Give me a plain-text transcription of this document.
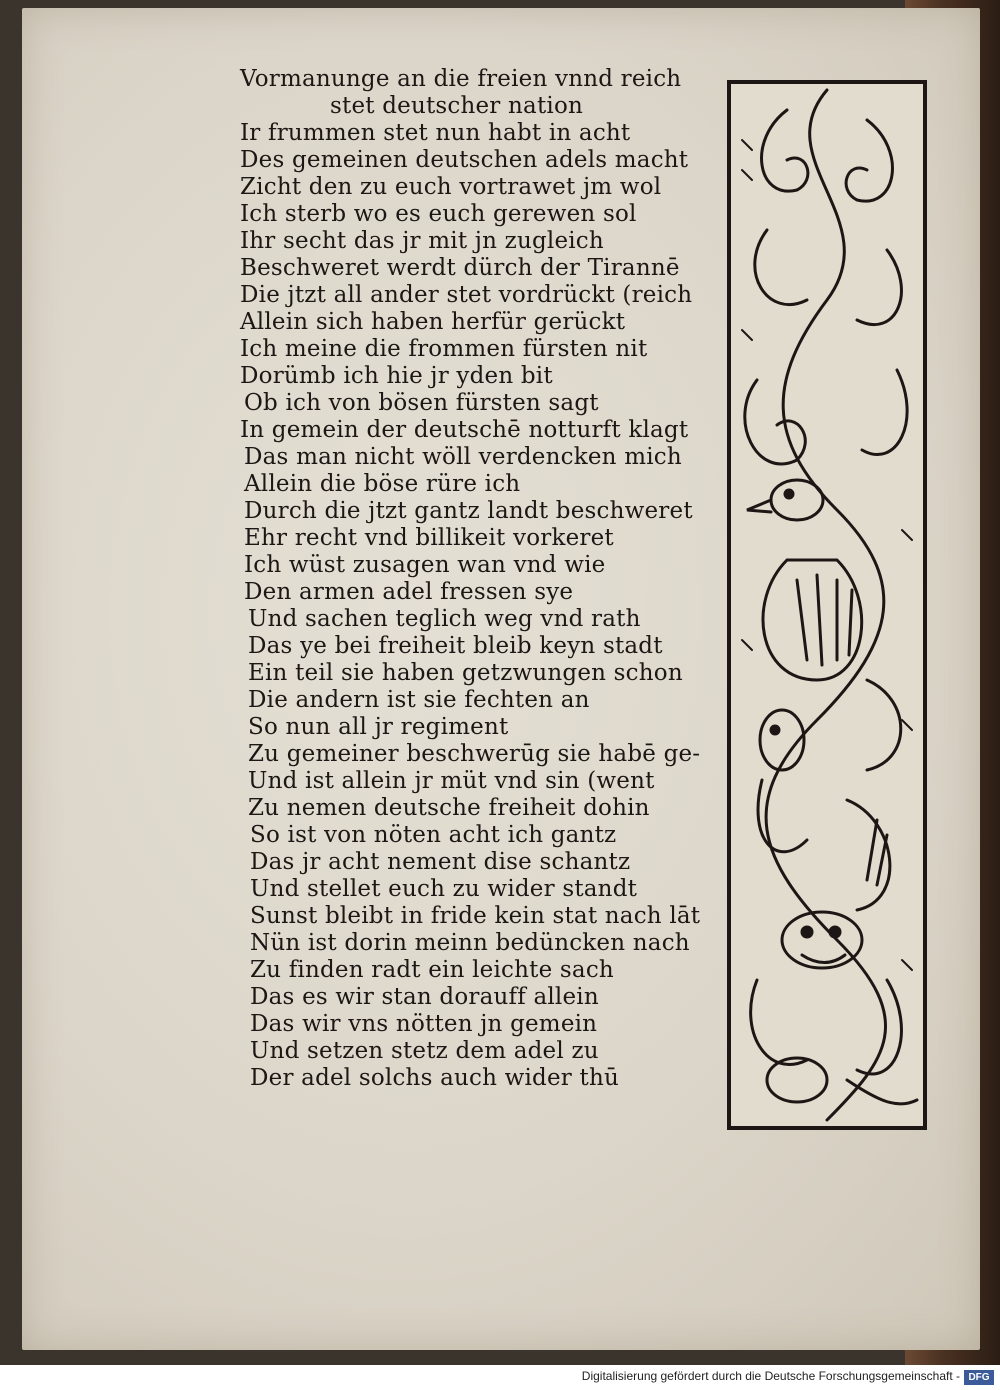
Vormanunge an die freien vnnd reich
stet deutscher nation
Ir frummen stet nun habt in acht
Des gemeinen deutschen adels macht
Zicht den zu euch vortrawet jm wol
Ich sterb wo es euch gerewen sol
Ihr secht das jr mit jn zugleich
Beschweret werdt dürch der Tirannē
Die jtzt all ander stet vordrückt (reich
Allein sich haben herfür gerückt
Ich meine die frommen fürsten nit
Dorümb ich hie jr yden bit
Ob ich von bösen fürsten sagt
In gemein der deutschē notturft klagt
Das man nicht wöll verdencken mich
Allein die böse rüre ich
Durch die jtzt gantz landt beschweret
Ehr recht vnd billikeit vorkeret
Ich wüst zusagen wan vnd wie
Den armen adel fressen sye
Und sachen teglich weg vnd rath
Das ye bei freiheit bleib keyn stadt
Ein teil sie haben getzwungen schon
Die andern ist sie fechten an
So nun all jr regiment
Zu gemeiner beschwerūg sie habē ge-
Und ist allein jr müt vnd sin (went
Zu nemen deutsche freiheit dohin
So ist von nöten acht ich gantz
Das jr acht nement dise schantz
Und stellet euch zu wider standt
Sunst bleibt in fride kein stat nach lāt
Nün ist dorin meinn bedüncken nach
Zu finden radt ein leichte sach
Das es wir stan dorauff allein
Das wir vns nötten jn gemein
Und setzen stetz dem adel zu
Der adel solchs auch wider thū
Digitalisierung gefördert durch die Deutsche Forschungsgemeinschaft - DFG
